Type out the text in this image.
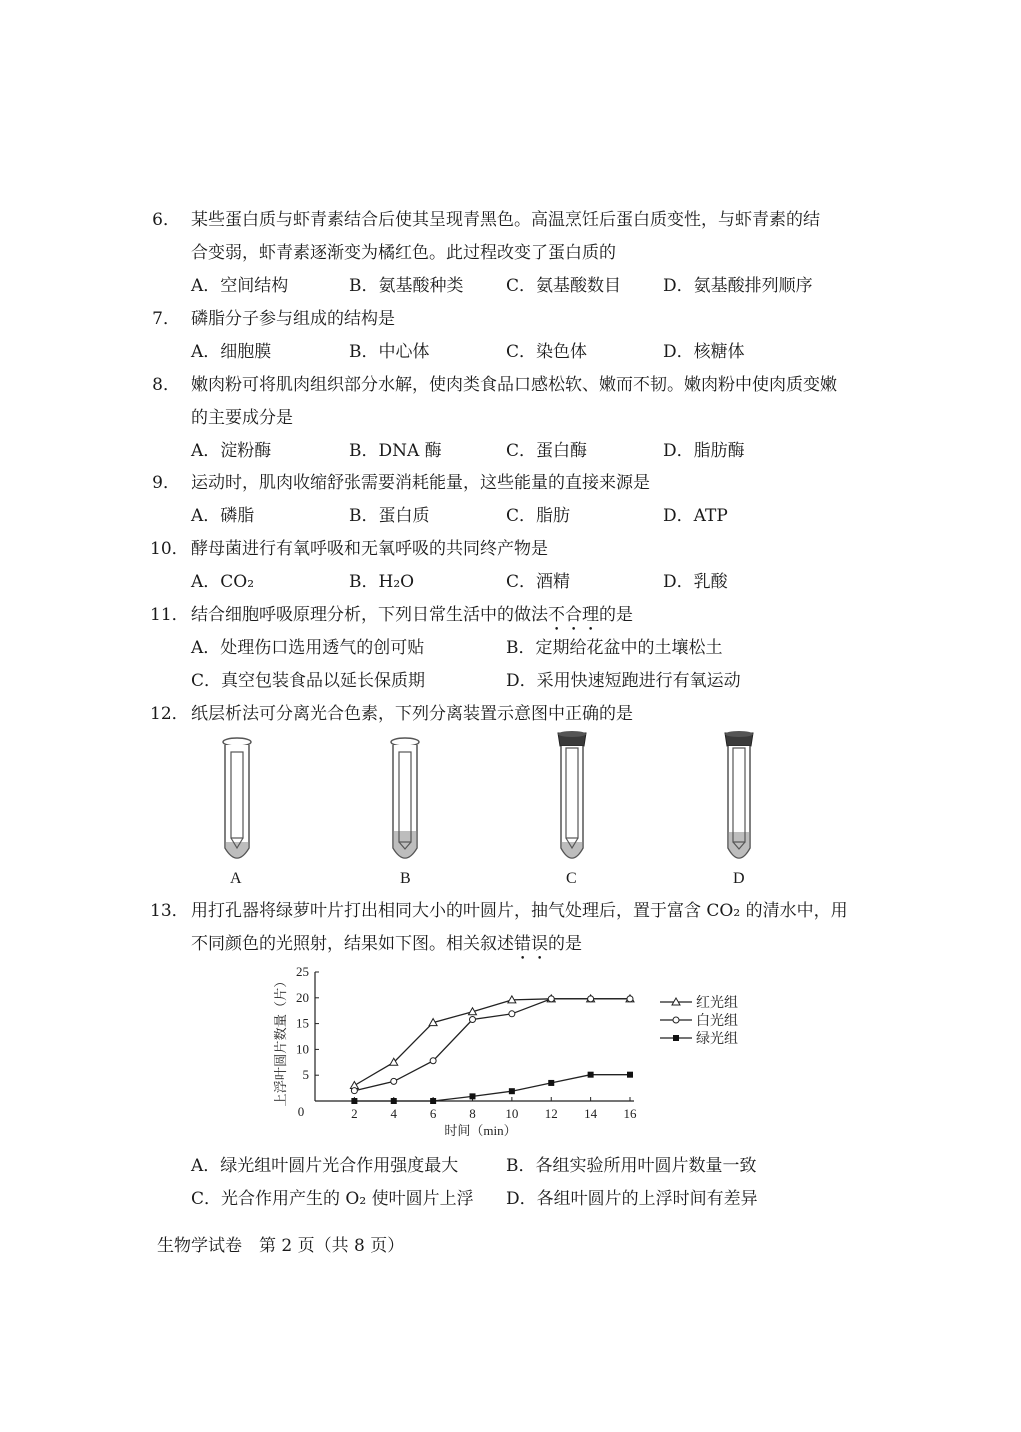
6． 某些蛋白质与虾青素结合后使其呈现青黑色。高温烹饪后蛋白质变性，与虾青素的结
合变弱，虾青素逐渐变为橘红色。此过程改变了蛋白质的
A．空间结构	B．氨基酸种类	C．氨基酸数目 D．氨基酸排列顺序
7． 磷脂分子参与组成的结构是
A．细胞膜	B．中心体	C．染色体	D．核糖体
8． 嫩肉粉可将肌肉组织部分水解，使肉类食品口感松软、嫩而不韧。嫩肉粉中使肉质变嫩
的主要成分是
A．淀粉酶	B．DNA 酶	C．蛋白酶	D．脂肪酶
9． 运动时，肌肉收缩舒张需要消耗能量，这些能量的直接来源是
A．磷脂	B．蛋白质	C．脂肪	D．ATP
10． 酵母菌进行有氧呼吸和无氧呼吸的共同终产物是
A．CO₂	B．H₂O	C．酒精	D．乳酸
11． 结合细胞呼吸原理分析，下列日常生活中的做法不合理的是
A．处理伤口选用透气的创可贴	B．定期给花盆中的土壤松土
C．真空包装食品以延长保质期	D．采用快速短跑进行有氧运动
12． 纸层析法可分离光合色素，下列分离装置示意图中正确的是
A	B	C	D
13． 用打孔器将绿萝叶片打出相同大小的叶圆片，抽气处理后，置于富含 CO₂ 的清水中，用
不同颜色的光照射，结果如下图。相关叙述错误的是
5
10
15
20
25
0	2	4	6	8 10 12 14 16
时间（min）
上浮叶圆片数量（片）	红光组
白光组
绿光组
A．绿光组叶圆片光合作用强度最大	B．各组实验所用叶圆片数量一致
C．光合作用产生的 O₂ 使叶圆片上浮 D．各组叶圆片的上浮时间有差异
生物学试卷　第 2 页（共 8 页）
